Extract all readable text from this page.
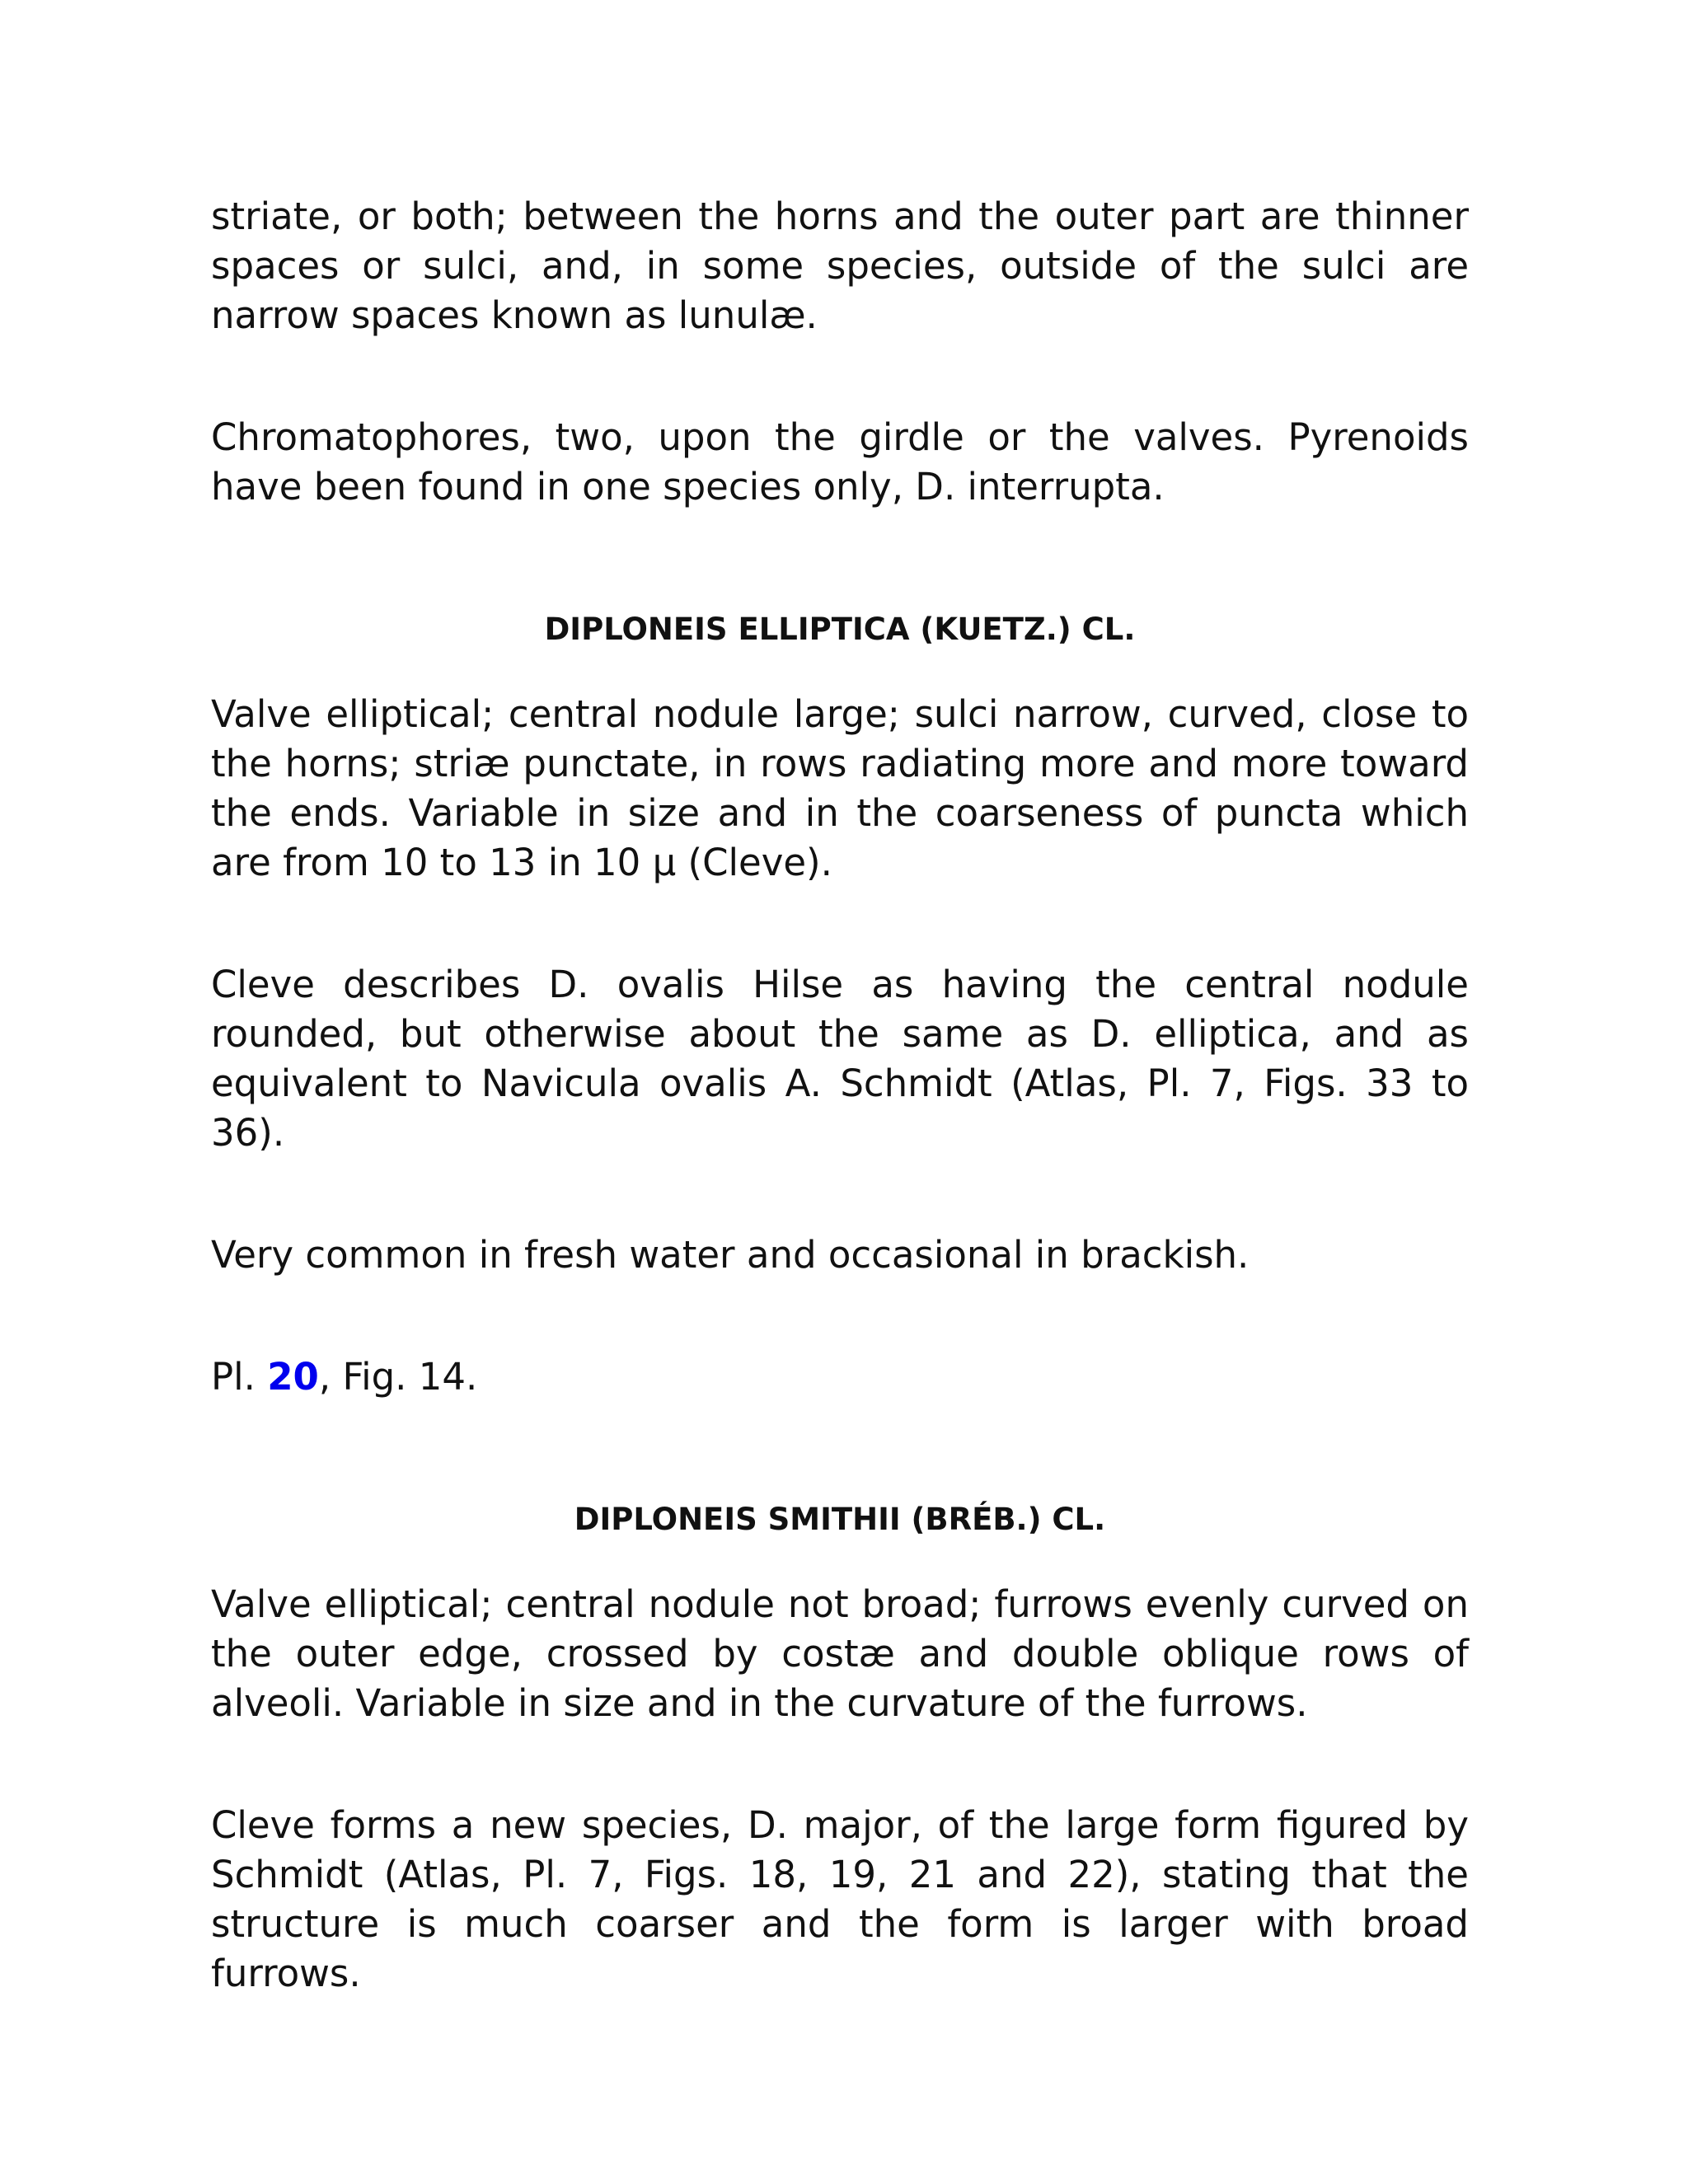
striate, or both; between the horns and the outer part are thinner spaces or sulci, and, in some species, outside of the sulci are narrow spaces known as lunulæ.

Chromatophores, two, upon the girdle or the valves. Pyrenoids have been found in one species only, D. interrupta.

DIPLONEIS ELLIPTICA (KUETZ.) CL.

Valve elliptical; central nodule large; sulci narrow, curved, close to the horns; striæ punctate, in rows radiating more and more toward the ends. Variable in size and in the coarseness of puncta which are from 10 to 13 in 10 μ (Cleve).

Cleve describes D. ovalis Hilse as having the central nodule rounded, but otherwise about the same as D. elliptica, and as equivalent to Navicula ovalis A. Schmidt (Atlas, Pl. 7, Figs. 33 to 36).

Very common in fresh water and occasional in brackish.

Pl. 20, Fig. 14.

DIPLONEIS SMITHII (BRÉB.) CL.

Valve elliptical; central nodule not broad; furrows evenly curved on the outer edge, crossed by costæ and double oblique rows of alveoli. Variable in size and in the curvature of the furrows.

Cleve forms a new species, D. major, of the large form figured by Schmidt (Atlas, Pl. 7, Figs. 18, 19, 21 and 22), stating that the structure is much coarser and the form is larger with broad furrows.
